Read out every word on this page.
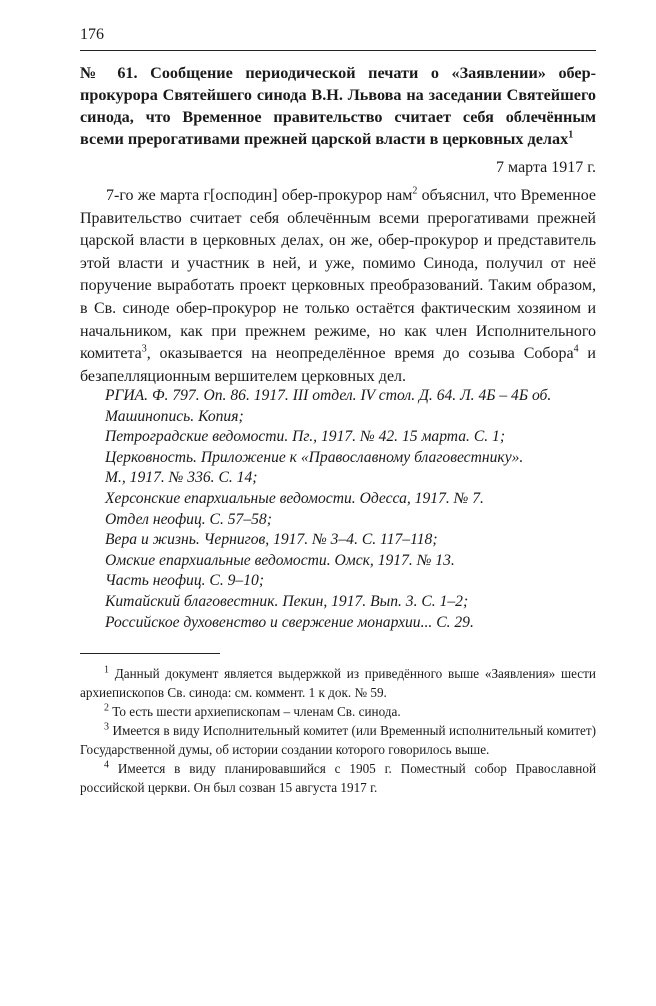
176
№ 61. Сообщение периодической печати о «Заявлении» обер-прокурора Святейшего синода В.Н. Львова на заседании Святейшего синода, что Временное правительство считает себя облечённым всеми прерогативами прежней царской власти в церковных делах$^1$
7 марта 1917 г.

7-го же марта г[осподин] обер-прокурор нам$^2$ объяснил, что Временное Правительство считает себя облечённым всеми прерогативами прежней царской власти в церковных делах, он же, обер-прокурор и представитель этой власти и участник в ней, и уже, помимо Синода, получил от неё поручение выработать проект церковных преобразований. Таким образом, в Св. синоде обер-прокурор не только остаётся фактическим хозяином и начальником, как при прежнем режиме, но как член Исполнительного комитета$^3$, оказывается на неопределённое время до созыва Собора$^4$ и безапелляционным вершителем церковных дел.

РГИА. Ф. 797. Оп. 86. 1917. III отдел. IV стол. Д. 64. Л. 4Б – 4Б об.
Машинопись. Копия;
Петроградские ведомости. Пг., 1917. № 42. 15 марта. С. 1;
Церковность. Приложение к «Православному благовестнику».
М., 1917. № 336. С. 14;
Херсонские епархиальные ведомости. Одесса, 1917. № 7.
Отдел неофиц. С. 57–58;
Вера и жизнь. Чернигов, 1917. № 3–4. С. 117–118;
Омские епархиальные ведомости. Омск, 1917. № 13.
Часть неофиц. С. 9–10;
Китайский благовестник. Пекин, 1917. Вып. 3. С. 1–2;
Российское духовенство и свержение монархии... С. 29.

$^1$ Данный документ является выдержкой из приведённого выше «Заявления» шести архиепископов Св. синода: см. коммент. 1 к док. № 59.

$^2$ То есть шести архиепископам – членам Св. синода.

$^3$ Имеется в виду Исполнительный комитет (или Временный исполнительный комитет) Государственной думы, об истории создании которого говорилось выше.

$^4$ Имеется в виду планировавшийся с 1905 г. Поместный собор Православной российской церкви. Он был созван 15 августа 1917 г.
